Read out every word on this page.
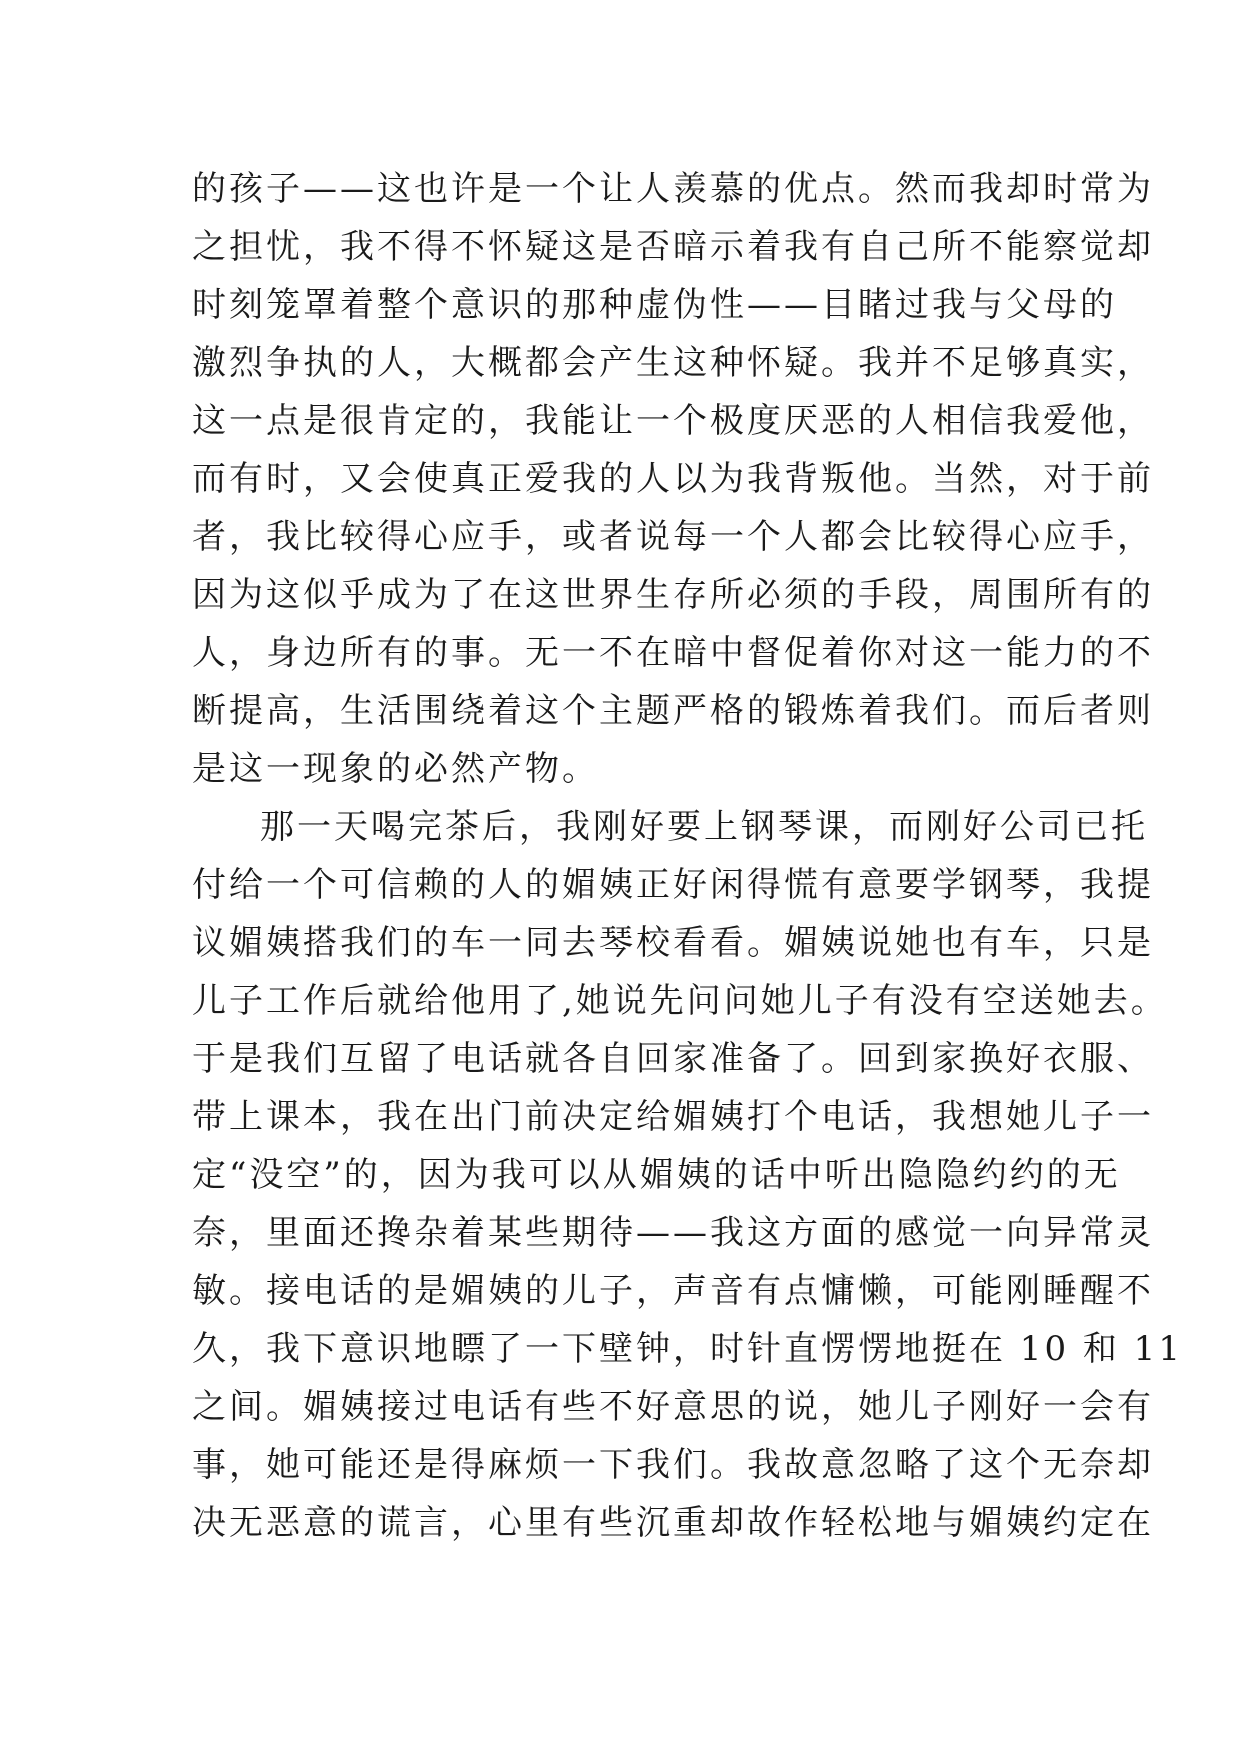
的孩子——这也许是一个让人羡慕的优点。然而我却时常为
之担忧，我不得不怀疑这是否暗示着我有自己所不能察觉却
时刻笼罩着整个意识的那种虚伪性——目睹过我与父母的
激烈争执的人，大概都会产生这种怀疑。我并不足够真实，
这一点是很肯定的，我能让一个极度厌恶的人相信我爱他，
而有时，又会使真正爱我的人以为我背叛他。当然，对于前
者，我比较得心应手，或者说每一个人都会比较得心应手，
因为这似乎成为了在这世界生存所必须的手段，周围所有的
人，身边所有的事。无一不在暗中督促着你对这一能力的不
断提高，生活围绕着这个主题严格的锻炼着我们。而后者则
是这一现象的必然产物。
那一天喝完茶后，我刚好要上钢琴课，而刚好公司已托
付给一个可信赖的人的媚姨正好闲得慌有意要学钢琴，我提
议媚姨搭我们的车一同去琴校看看。媚姨说她也有车，只是
儿子工作后就给他用了,她说先问问她儿子有没有空送她去。
于是我们互留了电话就各自回家准备了。回到家换好衣服、
带上课本，我在出门前决定给媚姨打个电话，我想她儿子一
定“没空”的，因为我可以从媚姨的话中听出隐隐约约的无
奈，里面还搀杂着某些期待——我这方面的感觉一向异常灵
敏。接电话的是媚姨的儿子，声音有点慵懒，可能刚睡醒不
久，我下意识地瞟了一下壁钟，时针直愣愣地挺在 10 和 11
之间。媚姨接过电话有些不好意思的说，她儿子刚好一会有
事，她可能还是得麻烦一下我们。我故意忽略了这个无奈却
决无恶意的谎言，心里有些沉重却故作轻松地与媚姨约定在
